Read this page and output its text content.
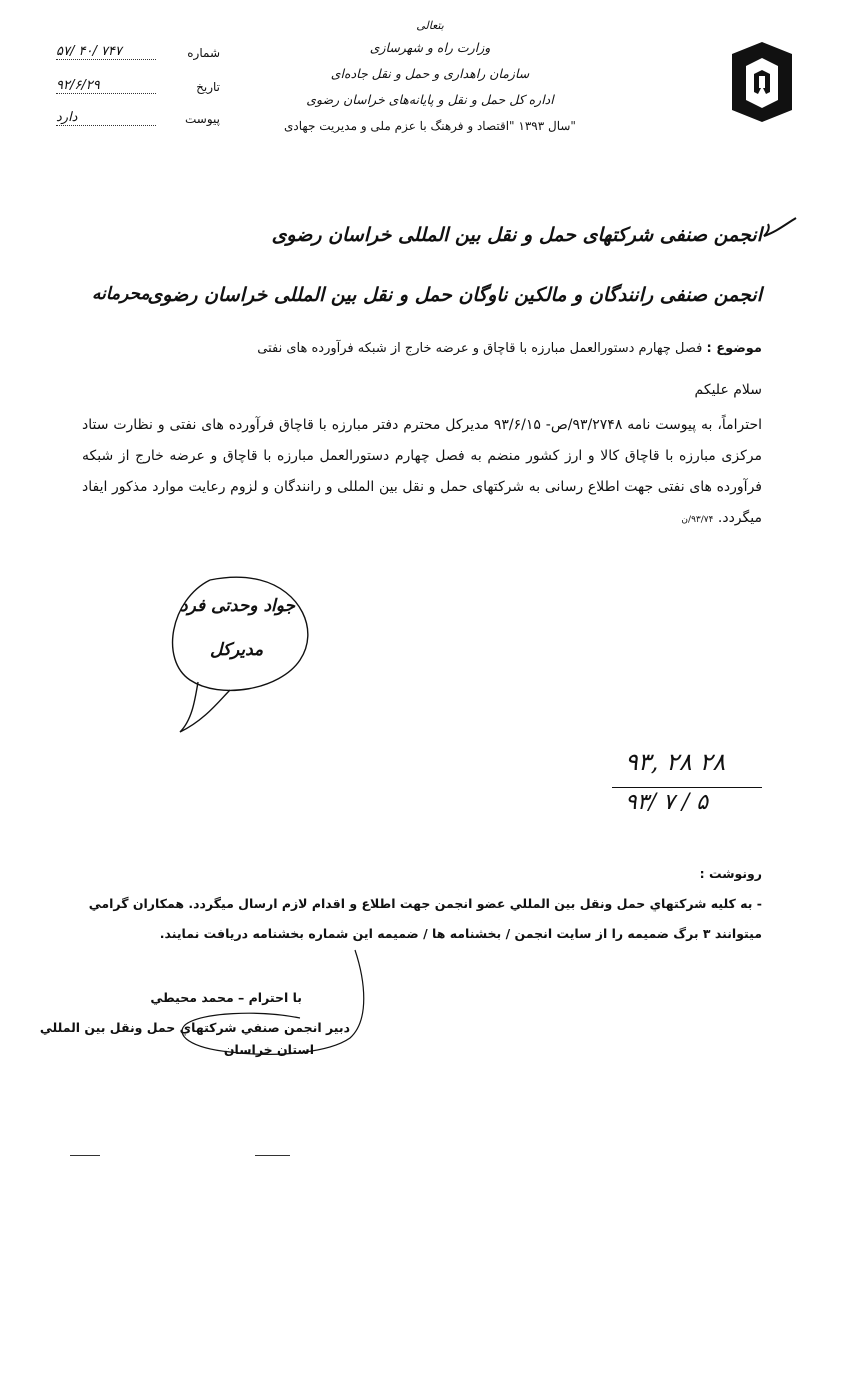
بتعالی
وزارت راه و شهرسازی
سازمان راهداری و حمل و نقل جاده‌ای
اداره کل حمل و نقل و پایانه‌های خراسان رضوی
سال ۱۳۹۳ "اقتصاد و فرهنگ با عزم ملی و مدیریت جهادی"
شماره
۵۷/ ۴۰/ ۷۴۷
تاریخ
۹۲/۶/۲۹
پیوست
دارد
انجمن صنفی شرکتهای حمل و نقل بین المللی خراسان رضوی
انجمن صنفی رانندگان و مالکین ناوگان حمل و نقل بین المللی خراسان رضوی
محرمانه
موضوع : فصل چهارم دستورالعمل مبارزه با قاچاق و عرضه خارج از شبکه فرآورده های نفتی
سلام علیکم
احتراماً، به پیوست نامه ۹۳/۲۷۴۸/ص- ۹۳/۶/۱۵ مدیرکل محترم دفتر مبارزه با قاچاق فرآورده های نفتی و نظارت ستاد مرکزی مبارزه با قاچاق کالا و ارز کشور منضم به فصل چهارم دستورالعمل مبارزه با قاچاق و عرضه خارج از شبکه فرآورده های نفتی جهت اطلاع رسانی به شرکتهای حمل و نقل بین المللی و رانندگان و لزوم رعایت موارد مذکور ایفاد میگردد. ۹۳/۷۴/ن
جواد وحدتی فرد
مدیرکل
۹۳, ۲۸ ۲۸
۹۳/ ۷ / ۵
رونوشت :
- به کلیه شرکتهاي حمل ونقل بین المللي عضو انجمن جهت اطلاع و اقدام لازم ارسال میگردد. همکاران گرامي
میتوانند ۳ برگ ضمیمه را از سایت انجمن / بخشنامه ها / ضمیمه این شماره بخشنامه دریافت نمایند.
با احترام – محمد محیطي
دبیر انجمن صنفي شرکتهاي حمل ونقل بین المللي
استان خراسان
